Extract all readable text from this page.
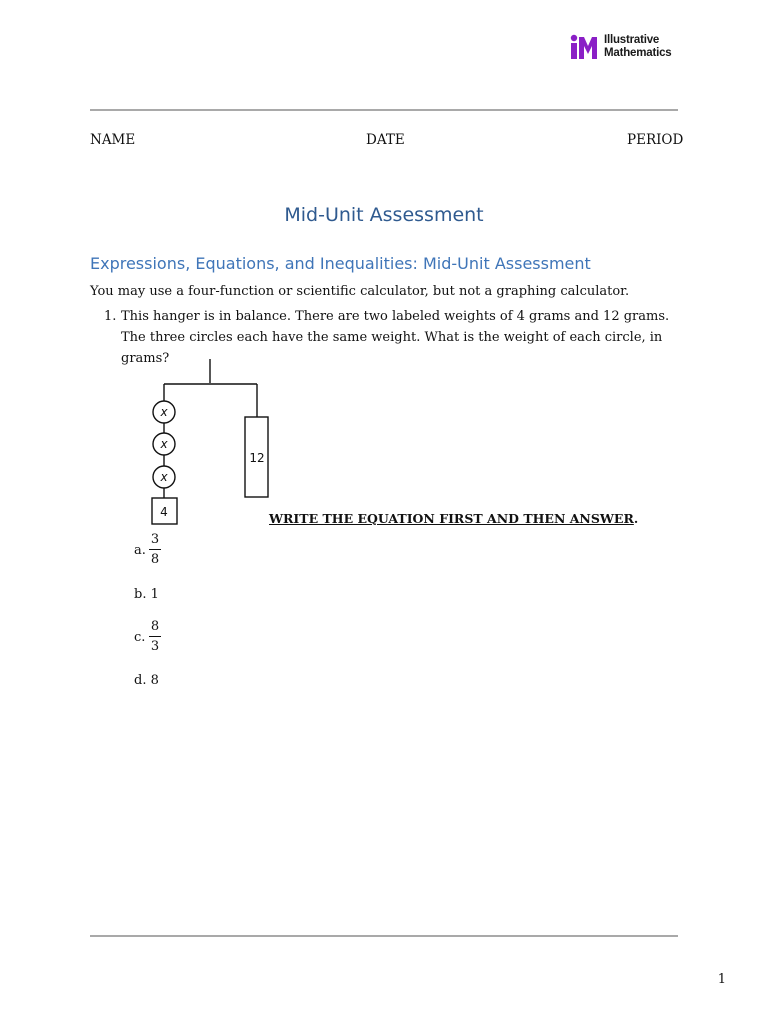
Illustrative
Mathematics
NAME	DATE	PERIOD
Mid-Unit Assessment
Expressions, Equations, and Inequalities: Mid-Unit Assessment
You may use a four-function or scientific calculator, but not a graphing calculator.
1. This hanger is in balance. There are two labeled weights of 4 grams and 12 grams. The three circles each have the same weight. What is the weight of each circle, in grams?
x
x
x
4
12
WRITE THE EQUATION FIRST AND THEN ANSWER.
a.
3
8
b. 1
c.
8
3
d. 8
1
